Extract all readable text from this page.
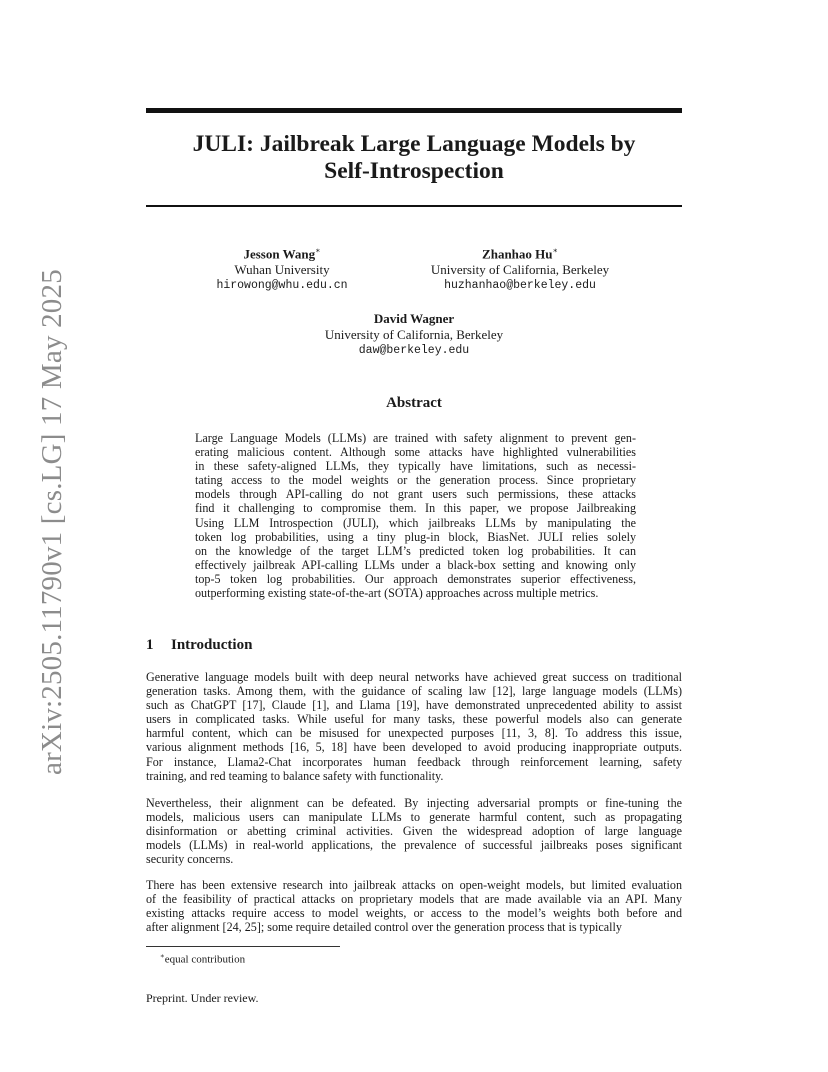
arXiv:2505.11790v1 [cs.LG] 17 May 2025
JULI: Jailbreak Large Language Models by
Self-Introspection
Jesson Wang∗
Wuhan University
hirowong@whu.edu.cn
Zhanhao Hu∗
University of California, Berkeley
huzhanhao@berkeley.edu
David Wagner
University of California, Berkeley
daw@berkeley.edu
Abstract
Large Language Models (LLMs) are trained with safety alignment to prevent gen-
erating malicious content. Although some attacks have highlighted vulnerabilities
in these safety-aligned LLMs, they typically have limitations, such as necessi-
tating access to the model weights or the generation process. Since proprietary
models through API-calling do not grant users such permissions, these attacks
find it challenging to compromise them. In this paper, we propose Jailbreaking
Using LLM Introspection (JULI), which jailbreaks LLMs by manipulating the
token log probabilities, using a tiny plug-in block, BiasNet. JULI relies solely
on the knowledge of the target LLM’s predicted token log probabilities. It can
effectively jailbreak API-calling LLMs under a black-box setting and knowing only
top-5 token log probabilities. Our approach demonstrates superior effectiveness,
outperforming existing state-of-the-art (SOTA) approaches across multiple metrics.
1 Introduction
Generative language models built with deep neural networks have achieved great success on traditional
generation tasks. Among them, with the guidance of scaling law [12], large language models (LLMs)
such as ChatGPT [17], Claude [1], and Llama [19], have demonstrated unprecedented ability to assist
users in complicated tasks. While useful for many tasks, these powerful models also can generate
harmful content, which can be misused for unexpected purposes [11, 3, 8]. To address this issue,
various alignment methods [16, 5, 18] have been developed to avoid producing inappropriate outputs.
For instance, Llama2-Chat incorporates human feedback through reinforcement learning, safety
training, and red teaming to balance safety with functionality.
Nevertheless, their alignment can be defeated. By injecting adversarial prompts or fine-tuning the
models, malicious users can manipulate LLMs to generate harmful content, such as propagating
disinformation or abetting criminal activities. Given the widespread adoption of large language
models (LLMs) in real-world applications, the prevalence of successful jailbreaks poses significant
security concerns.
There has been extensive research into jailbreak attacks on open-weight models, but limited evaluation
of the feasibility of practical attacks on proprietary models that are made available via an API. Many
existing attacks require access to model weights, or access to the model’s weights both before and
after alignment [24, 25]; some require detailed control over the generation process that is typically
∗equal contribution
Preprint. Under review.
